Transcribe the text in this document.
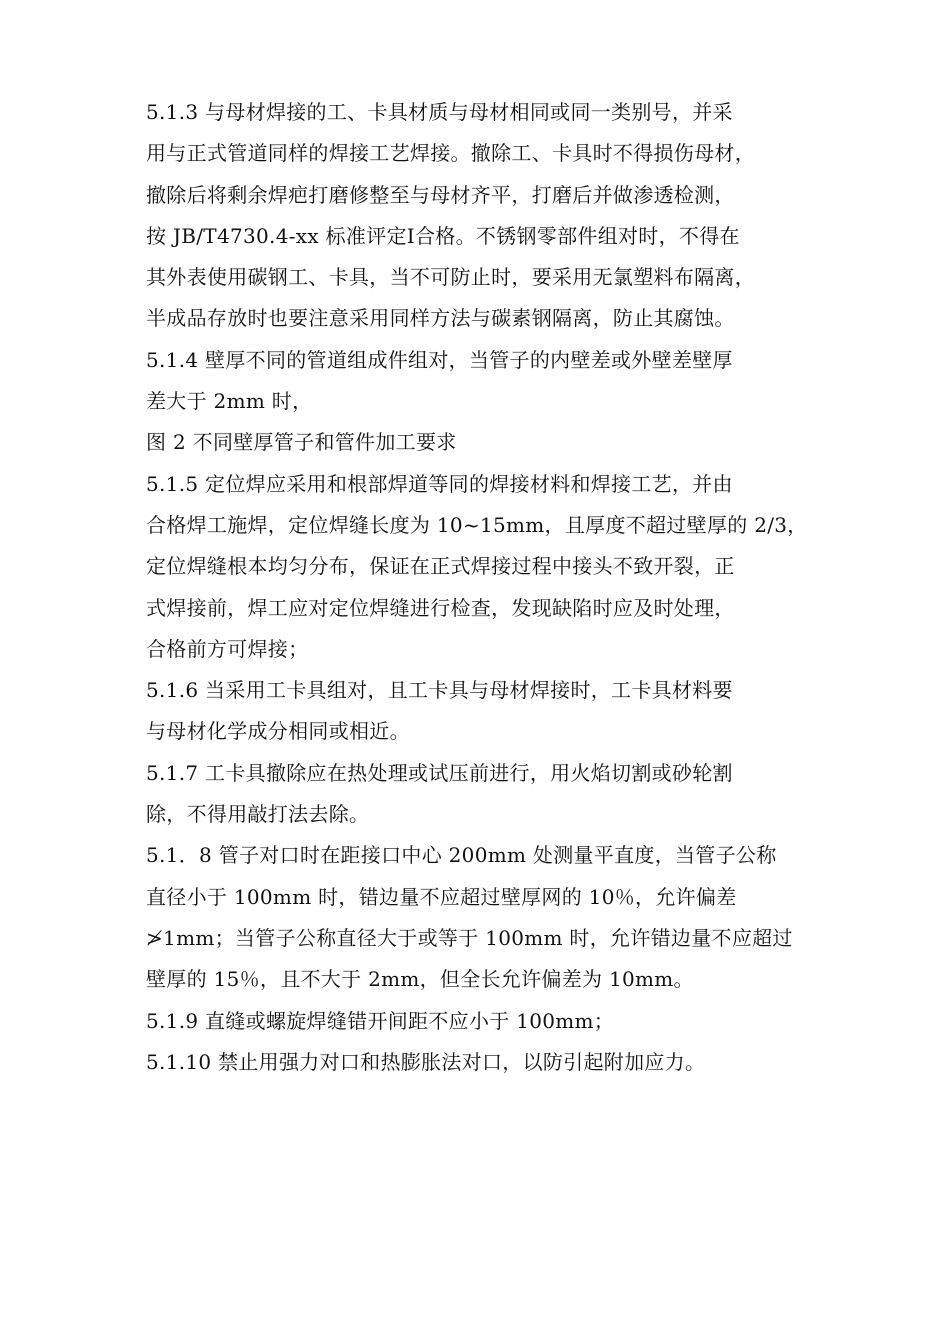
5.1.3 与母材焊接的工、卡具材质与母材相同或同一类别号，并采
用与正式管道同样的焊接工艺焊接。撤除工、卡具时不得损伤母材，
撤除后将剩余焊疤打磨修整至与母材齐平，打磨后并做渗透检测，
按 JB/T4730.4-xx 标准评定Ⅰ合格。不锈钢零部件组对时，不得在
其外表使用碳钢工、卡具，当不可防止时，要采用无氯塑料布隔离，
半成品存放时也要注意采用同样方法与碳素钢隔离，防止其腐蚀。
5.1.4 壁厚不同的管道组成件组对，当管子的内壁差或外壁差壁厚
差大于 2mm 时，
图 2 不同壁厚管子和管件加工要求
5.1.5 定位焊应采用和根部焊道等同的焊接材料和焊接工艺，并由
合格焊工施焊，定位焊缝长度为 10~15mm，且厚度不超过壁厚的 2/3，
定位焊缝根本均匀分布，保证在正式焊接过程中接头不致开裂，正
式焊接前，焊工应对定位焊缝进行检查，发现缺陷时应及时处理，
合格前方可焊接；
5.1.6 当采用工卡具组对，且工卡具与母材焊接时，工卡具材料要
与母材化学成分相同或相近。
5.1.7 工卡具撤除应在热处理或试压前进行，用火焰切割或砂轮割
除，不得用敲打法去除。
5.1．8 管子对口时在距接口中心 200mm 处测量平直度，当管子公称
直径小于 100mm 时，错边量不应超过壁厚网的 10％，允许偏差
≯1mm；当管子公称直径大于或等于 100mm 时，允许错边量不应超过
壁厚的 15％，且不大于 2mm，但全长允许偏差为 10mm。
5.1.9 直缝或螺旋焊缝错开间距不应小于 100mm；
5.1.10 禁止用强力对口和热膨胀法对口，以防引起附加应力。
